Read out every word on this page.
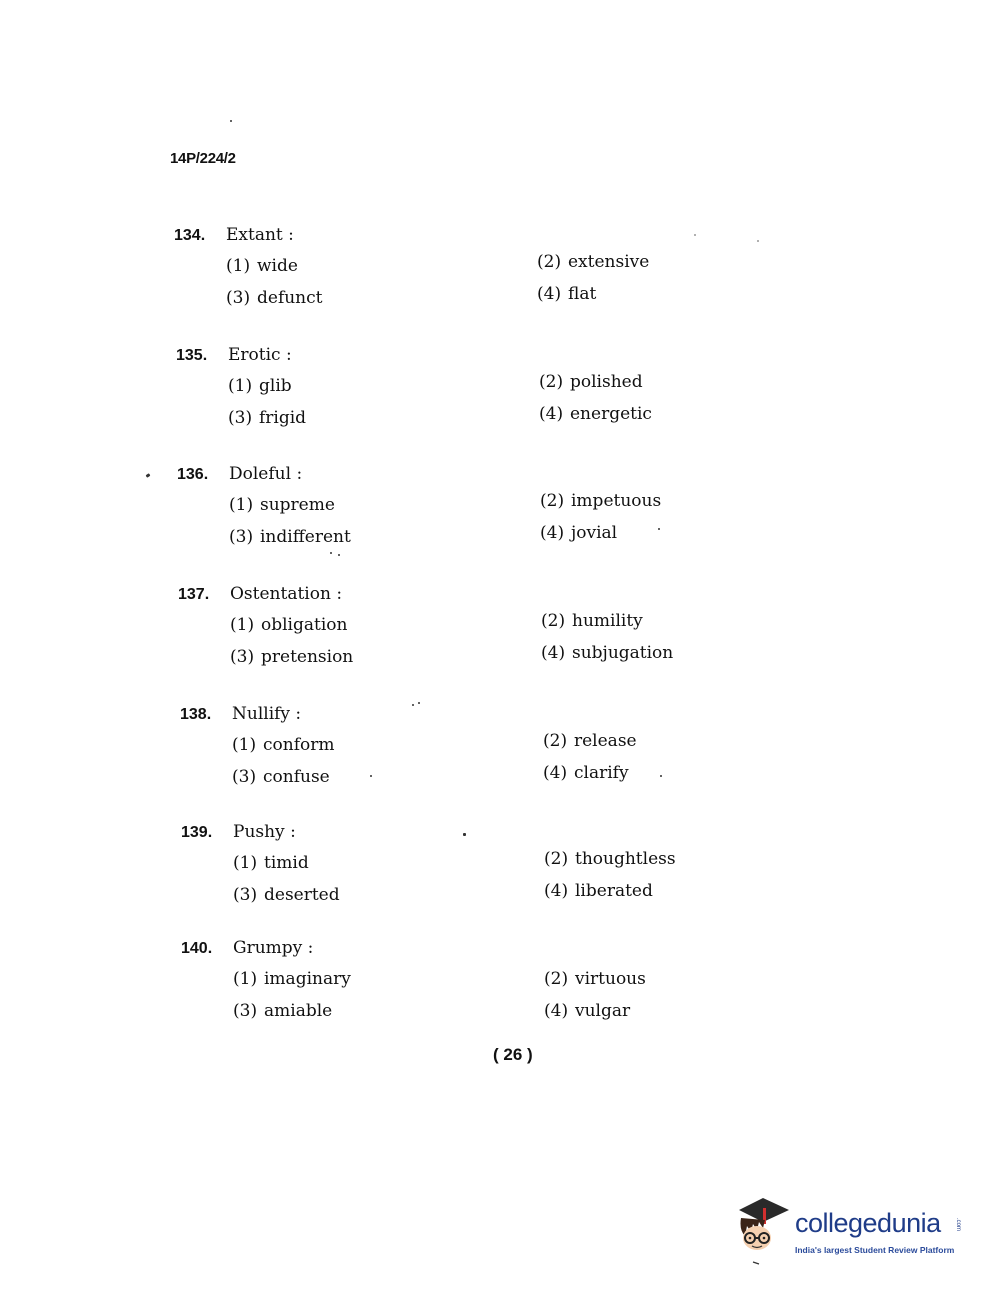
14P/224/2
134. Extant :
(1) wide	(2) extensive
(3) defunct	(4) flat
135. Erotic :
(1) glib	(2) polished
(3) frigid	(4) energetic
136. Doleful :
(1) supreme	(2) impetuous
(3) indifferent	(4) jovial
137. Ostentation :
(1) obligation	(2) humility
(3) pretension	(4) subjugation
138. Nullify :
(1) conform	(2) release
(3) confuse	(4) clarify
139. Pushy :
(1) timid	(2) thoughtless
(3) deserted	(4) liberated
140. Grumpy :
(1) imaginary	(2) virtuous
(3) amiable	(4) vulgar
( 26 )
collegedunia .com
India's largest Student Review Platform
